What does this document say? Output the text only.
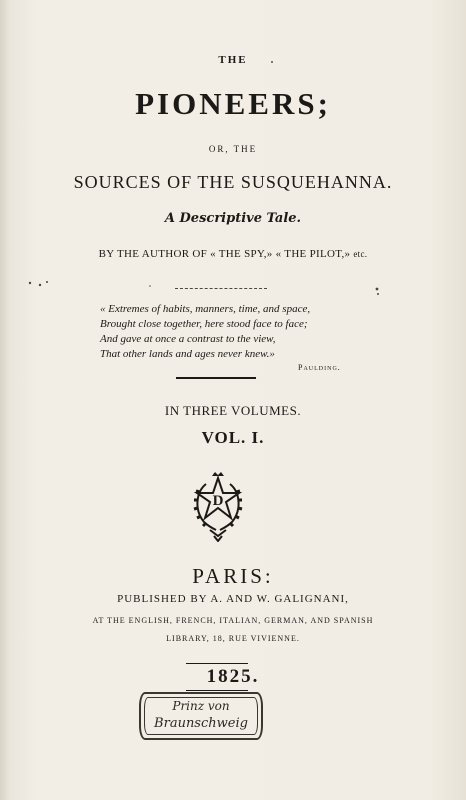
THE
PIONEERS;
OR, THE
SOURCES OF THE SUSQUEHANNA.
A Descriptive Tale.
BY THE AUTHOR OF « THE SPY,» « THE PILOT,» etc.
« Extremes of habits, manners, time, and space,
Brought close together, here stood face to face;
And gave at once a contrast to the view,
That other lands and ages never knew.»
Paulding.
IN THREE VOLUMES.
VOL. I.
D
PARIS:
PUBLISHED BY A. AND W. GALIGNANI,
AT THE ENGLISH, FRENCH, ITALIAN, GERMAN, AND SPANISH
LIBRARY, 18, RUE VIVIENNE.
1825.
Prinz von
Braunschweig
